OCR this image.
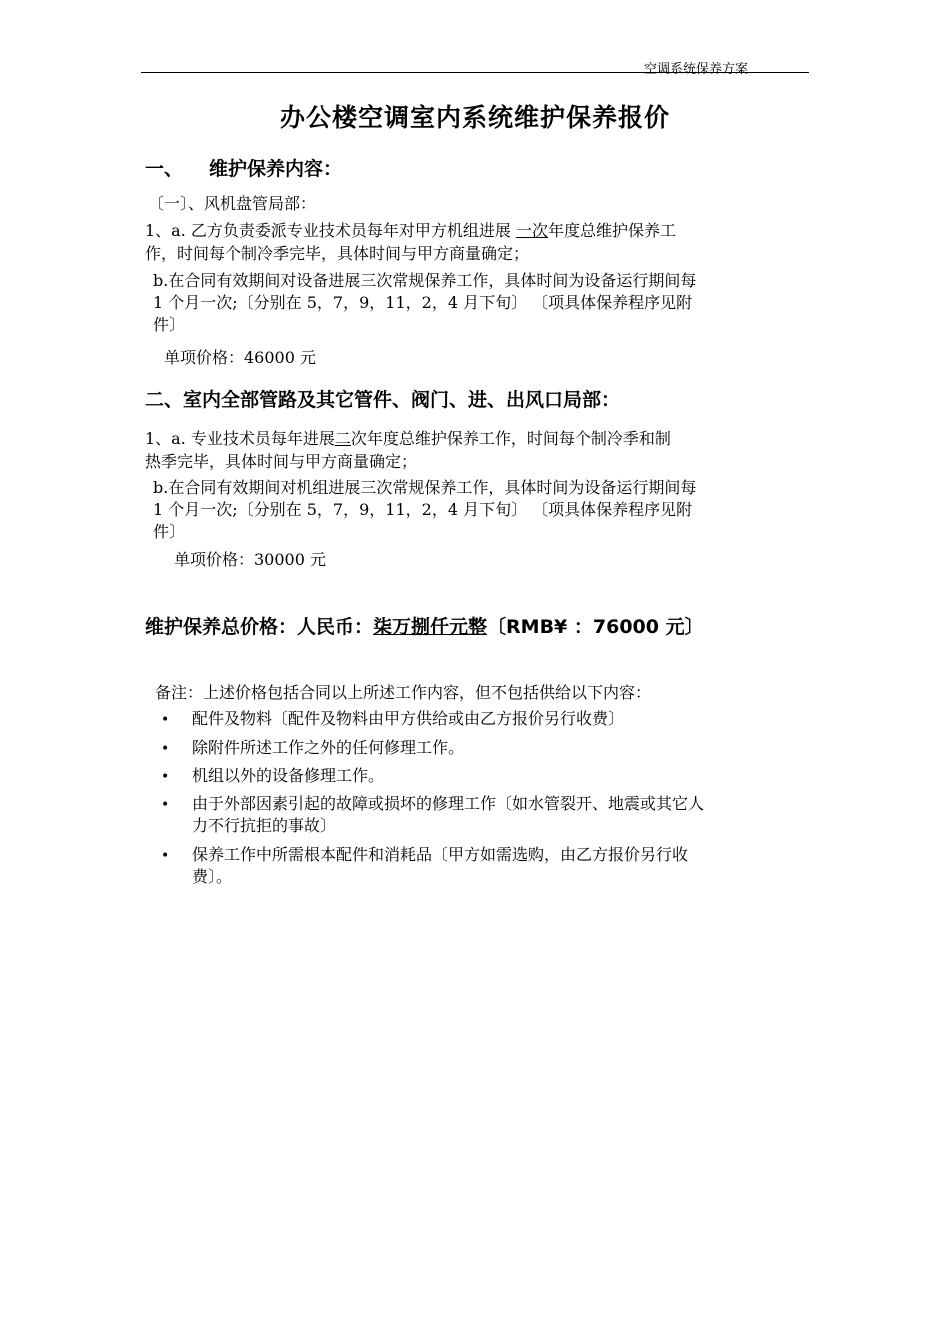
空调系统保养方案
办公楼空调室内系统维护保养报价
一、 维护保养内容：
〔一〕、风机盘管局部：
1、a. 乙方负责委派专业技术员每年对甲方机组进展 一次年度总维护保养工
作，时间每个制冷季完毕，具体时间与甲方商量确定；
b.在合同有效期间对设备进展三次常规保养工作，具体时间为设备运行期间每
1 个月一次;〔分别在 5，7，9，11，2，4 月下旬〕 〔项具体保养程序见附
件〕
单项价格：46000 元
二、室内全部管路及其它管件、阀门、进、出风口局部：
1、a. 专业技术员每年进展二次年度总维护保养工作，时间每个制冷季和制
热季完毕，具体时间与甲方商量确定；
b.在合同有效期间对机组进展三次常规保养工作，具体时间为设备运行期间每
1 个月一次;〔分别在 5，7，9，11，2，4 月下旬〕 〔项具体保养程序见附
件〕
单项价格：30000 元
维护保养总价格：人民币：柒万捌仟元整〔RMB¥ ：76000 元〕
备注：上述价格包括合同以上所述工作内容，但不包括供给以下内容：
• 配件及物料〔配件及物料由甲方供给或由乙方报价另行收费〕
• 除附件所述工作之外的任何修理工作。
• 机组以外的设备修理工作。
• 由于外部因素引起的故障或损坏的修理工作〔如水管裂开、地震或其它人
力不行抗拒的事故〕
• 保养工作中所需根本配件和消耗品〔甲方如需选购，由乙方报价另行收
费〕。
